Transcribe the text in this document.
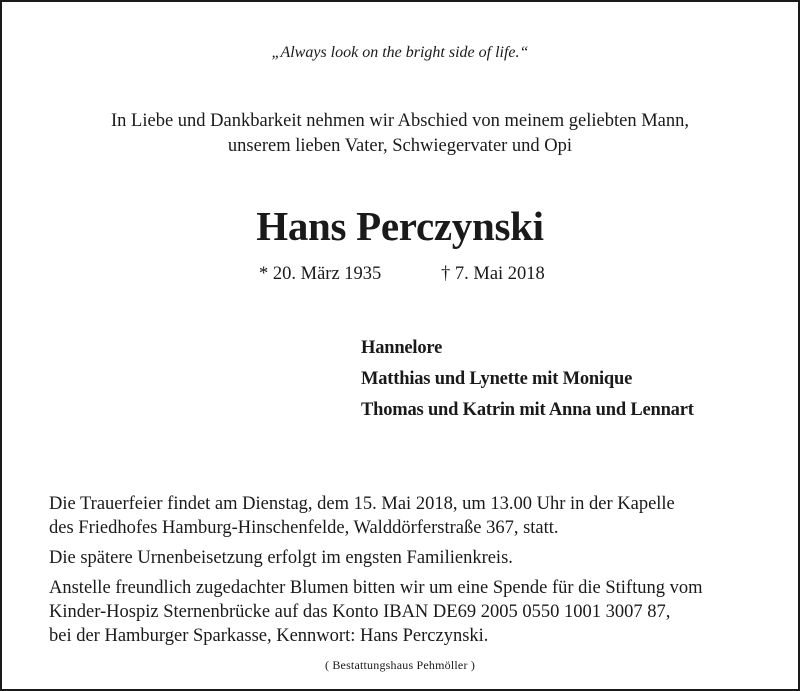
„Always look on the bright side of life.“
In Liebe und Dankbarkeit nehmen wir Abschied von meinem geliebten Mann,
unserem lieben Vater, Schwiegervater und Opi
Hans Perczynski
* 20. März 1935	† 7. Mai 2018
Hannelore
Matthias und Lynette mit Monique
Thomas und Katrin mit Anna und Lennart
Die Trauerfeier findet am Dienstag, dem 15. Mai 2018, um 13.00 Uhr in der Kapelle
des Friedhofes Hamburg-Hinschenfelde, Walddörferstraße 367, statt.
Die spätere Urnenbeisetzung erfolgt im engsten Familienkreis.
Anstelle freundlich zugedachter Blumen bitten wir um eine Spende für die Stiftung vom
Kinder-Hospiz Sternenbrücke auf das Konto IBAN DE69 2005 0550 1001 3007 87,
bei der Hamburger Sparkasse, Kennwort: Hans Perczynski.
( Bestattungshaus Pehmöller )
